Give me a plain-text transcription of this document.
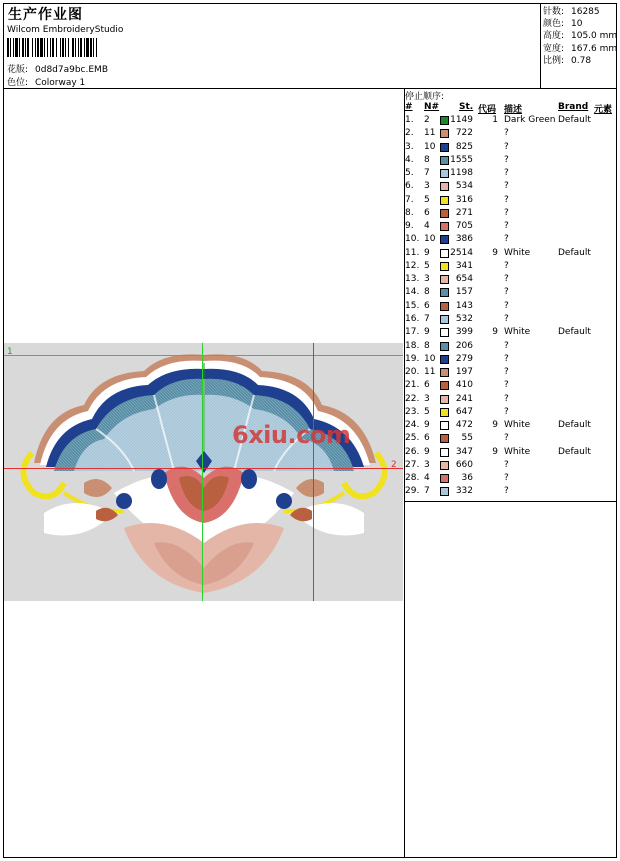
生产作业图
Wilcom EmbroideryStudio
花版: 0d8d7a9bc.EMB
色位: Colorway 1
针数: 16285
颜色: 10
高度: 105.0 mm
宽度: 167.6 mm
比例: 0.78
1
2
6xiu.com
停止顺序:
# N# St. 代码 描述	Brand 元素
1. 2 1149	1 Dark Green Default
2. 11	722	?
3. 10	825	?
4. 8 1555	?
5. 7 1198	?
6. 3	534	?
7. 5	316	?
8. 6	271	?
9. 4	705	?
10. 10	386	?
11. 9 2514	9 White	Default
12. 5	341	?
13. 3	654	?
14. 8	157	?
15. 6	143	?
16. 7	532	?
17. 9	399	9 White	Default
18. 8	206	?
19. 10	279	?
20. 11	197	?
21. 6	410	?
22. 3	241	?
23. 5	647	?
24. 9	472	9 White	Default
25. 6	55	?
26. 9	347	9 White	Default
27. 3	660	?
28. 4	36	?
29. 7	332	?
